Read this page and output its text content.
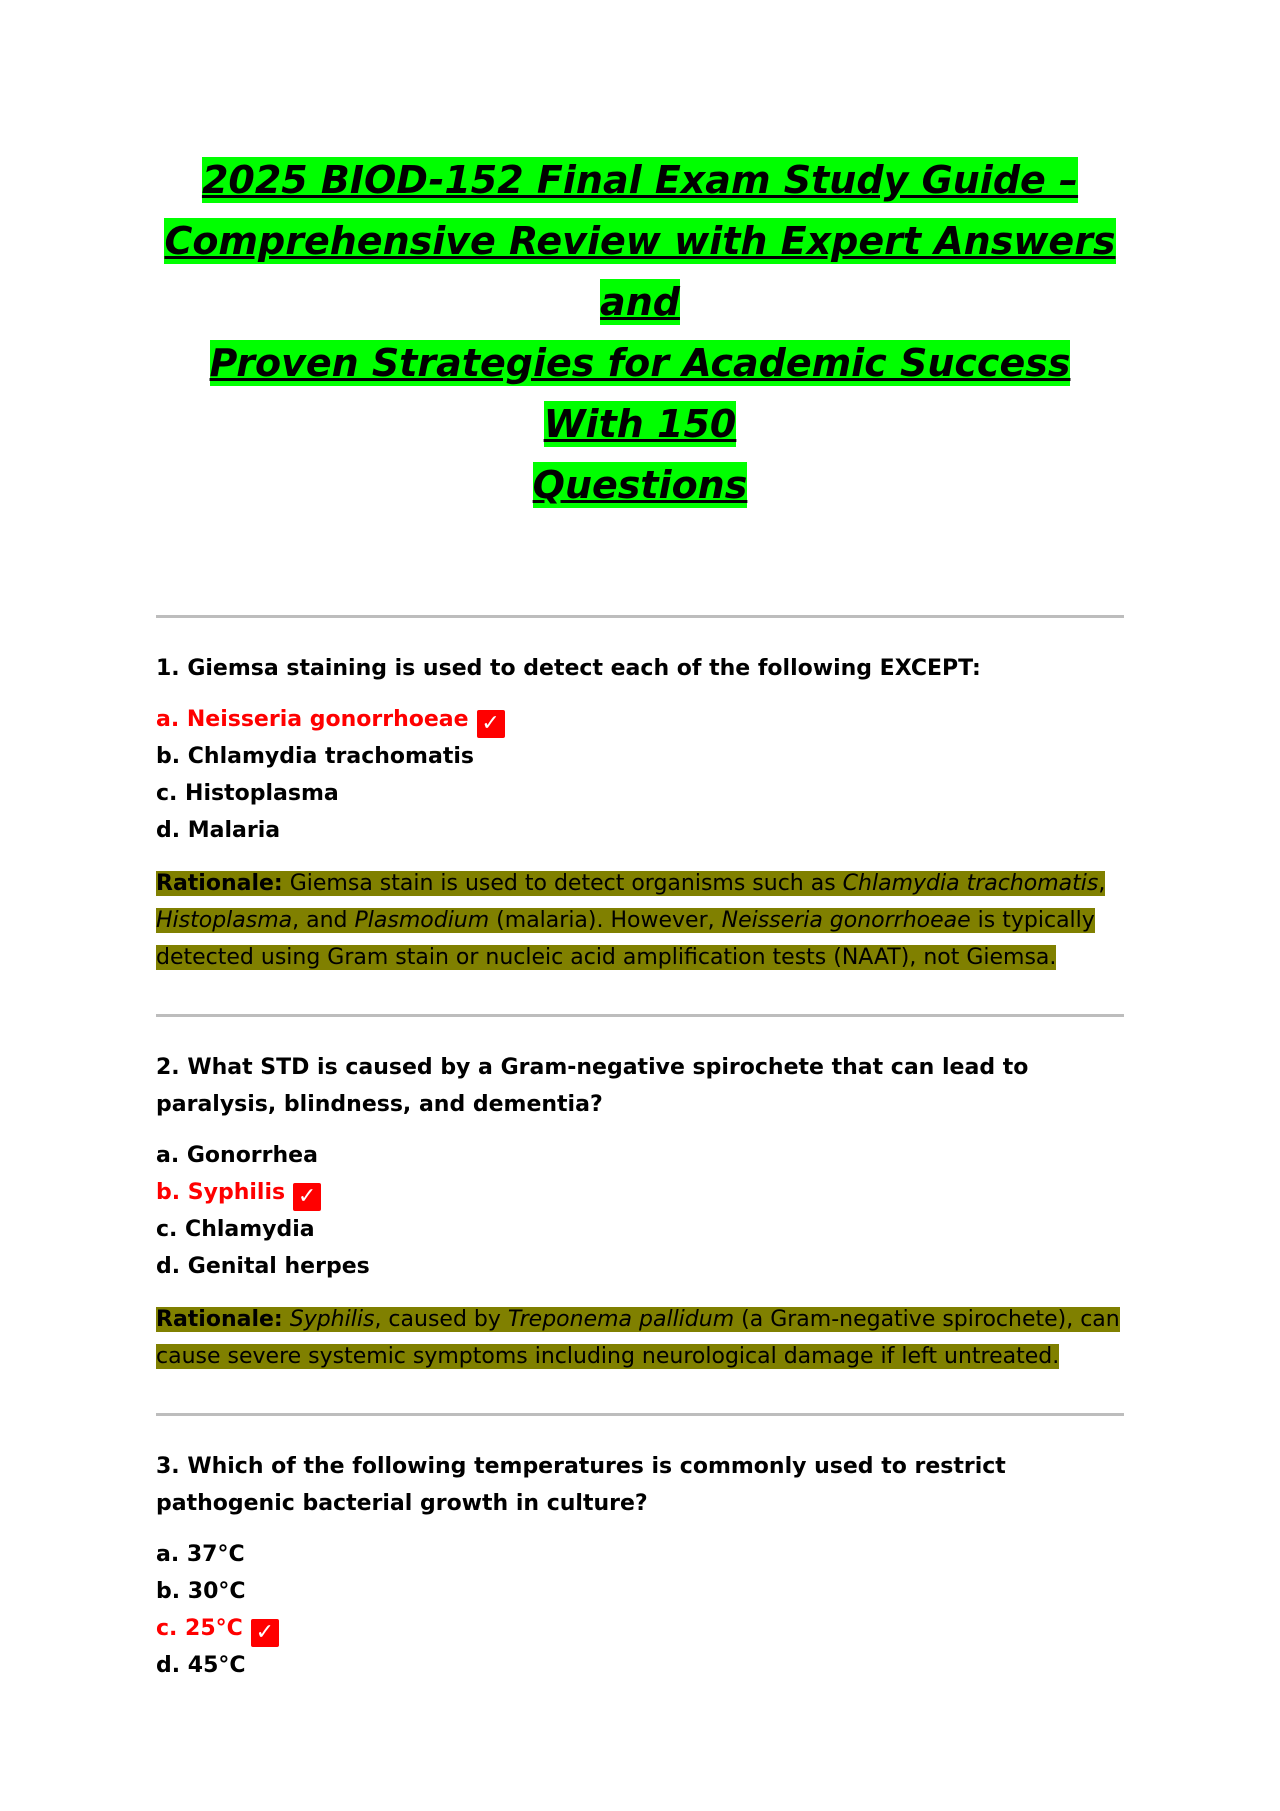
2025 BIOD-152 Final Exam Study Guide –
Comprehensive Review with Expert Answers and
Proven Strategies for Academic Success With 150
Questions

1. Giemsa staining is used to detect each of the following EXCEPT:

a. Neisseria gonorrhoeae ✓
b. Chlamydia trachomatis
c. Histoplasma
d. Malaria

Rationale: Giemsa stain is used to detect organisms such as Chlamydia trachomatis, Histoplasma, and Plasmodium (malaria). However, Neisseria gonorrhoeae is typically detected using Gram stain or nucleic acid amplification tests (NAAT), not Giemsa.

2. What STD is caused by a Gram-negative spirochete that can lead to paralysis, blindness, and dementia?

a. Gonorrhea
b. Syphilis ✓
c. Chlamydia
d. Genital herpes

Rationale: Syphilis, caused by Treponema pallidum (a Gram-negative spirochete), can cause severe systemic symptoms including neurological damage if left untreated.

3. Which of the following temperatures is commonly used to restrict pathogenic bacterial growth in culture?

a. 37°C
b. 30°C
c. 25°C ✓
d. 45°C
